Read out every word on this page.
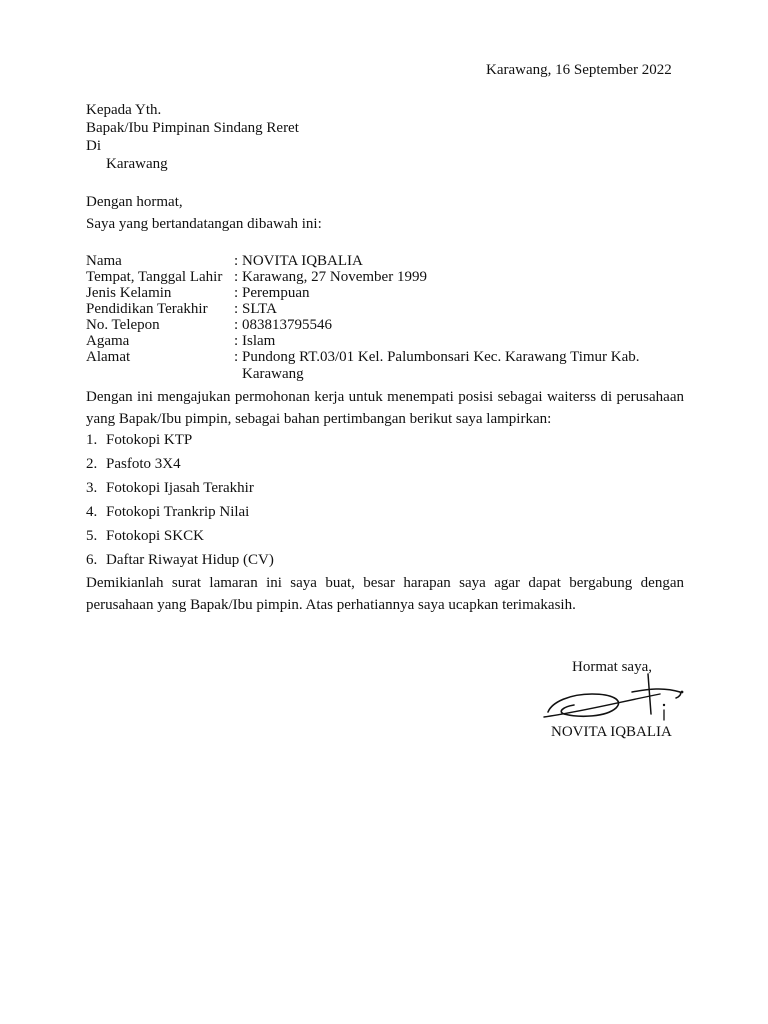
Karawang, 16 September 2022
Kepada Yth.
Bapak/Ibu Pimpinan Sindang Reret
Di
Karawang
Dengan hormat,
Saya yang bertandatangan dibawah ini:
Nama	: NOVITA IQBALIA
Tempat, Tanggal Lahir : Karawang, 27 November 1999
Jenis Kelamin	: Perempuan
Pendidikan Terakhir : SLTA
No. Telepon	: 083813795546
Agama	: Islam
Alamat	: Pundong RT.03/01 Kel. Palumbonsari Kec. Karawang Timur Kab. Karawang
Dengan ini mengajukan permohonan kerja untuk menempati posisi sebagai waiterss di perusahaan yang Bapak/Ibu pimpin, sebagai bahan pertimbangan berikut saya lampirkan:
1. Fotokopi KTP
2. Pasfoto 3X4
3. Fotokopi Ijasah Terakhir
4. Fotokopi Trankrip Nilai
5. Fotokopi SKCK
6. Daftar Riwayat Hidup (CV)
Demikianlah surat lamaran ini saya buat, besar harapan saya agar dapat bergabung dengan perusahaan yang Bapak/Ibu pimpin. Atas perhatiannya saya ucapkan terimakasih.
Hormat saya,
NOVITA IQBALIA
